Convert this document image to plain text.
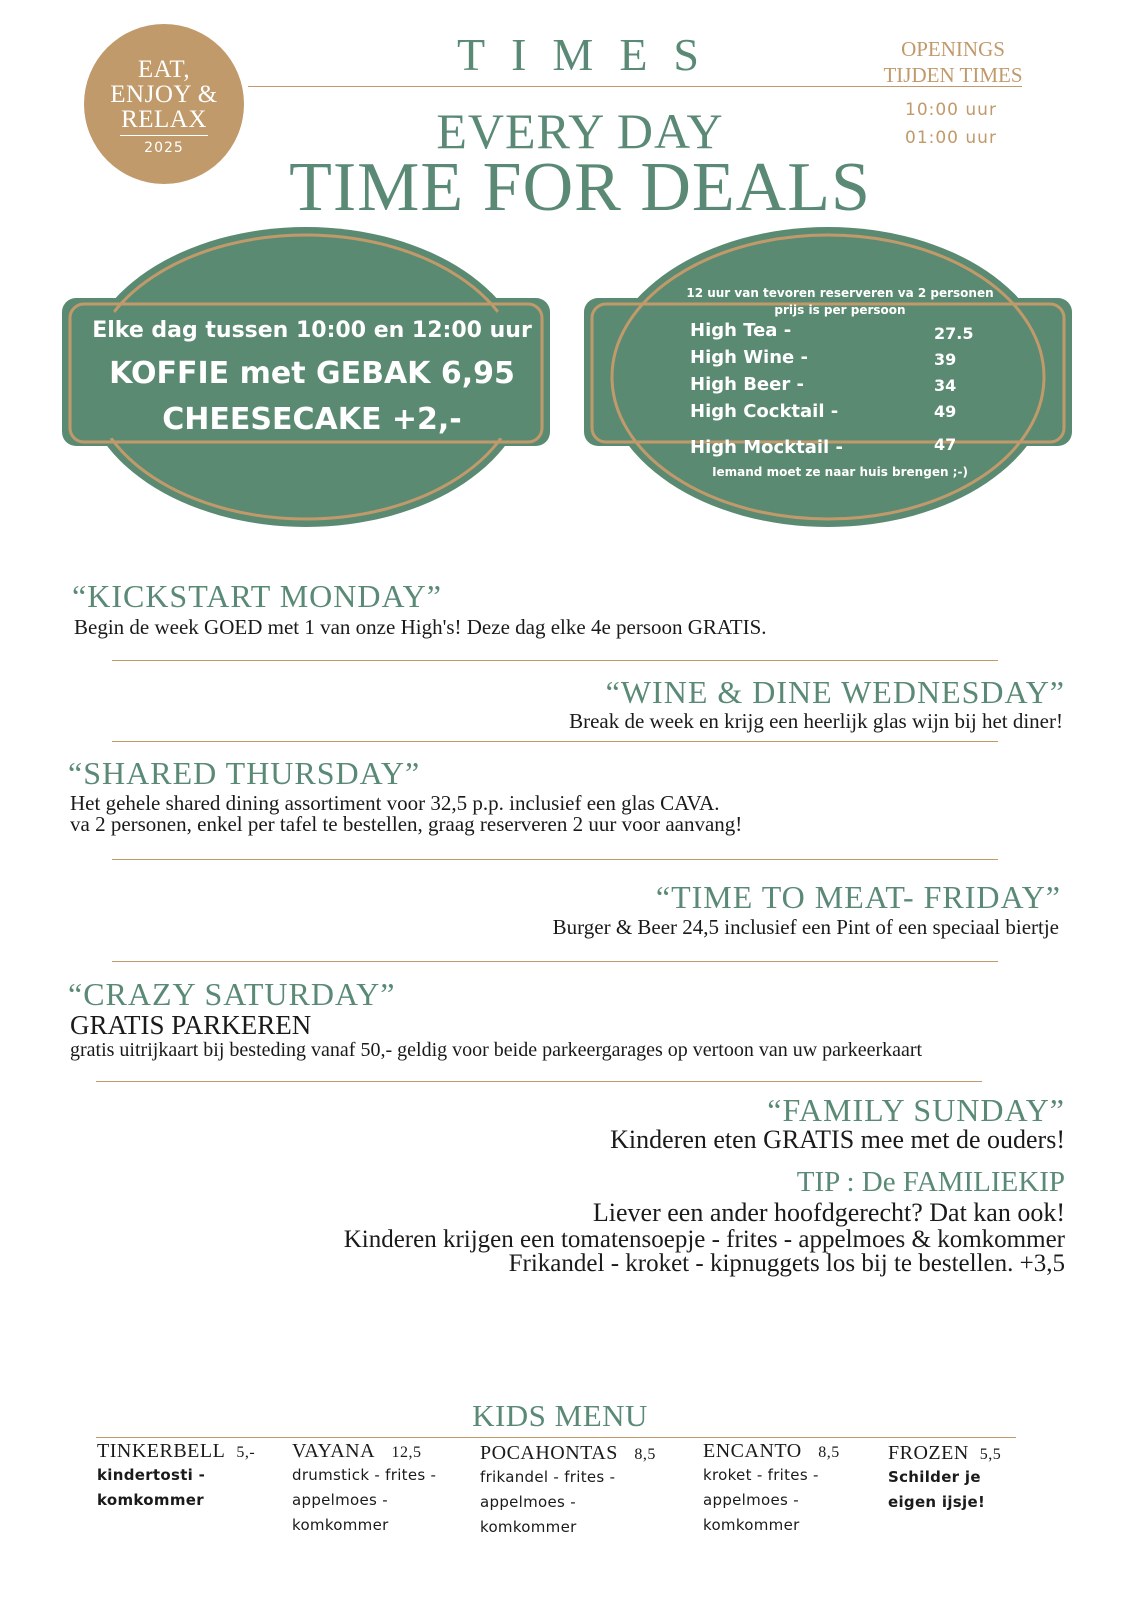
EAT,
ENJOY &
RELAX
2025
TIMES	OPENINGS
TIJDEN TIMES
10:00 uur
01:00 uur
EVERY DAY
TIME FOR DEALS
Elke dag tussen 10:00 en 12:00 uur
KOFFIE met GEBAK 6,95
CHEESECAKE +2,-
12 uur van tevoren reserveren va 2 personen
prijs is per persoon
High Tea -	27.5
High Wine -	39
High Beer -	34
High Cocktail -	49
High Mocktail -	47
Iemand moet ze naar huis brengen ;-)
“KICKSTART MONDAY”
Begin de week GOED met 1 van onze High's! Deze dag elke 4e persoon GRATIS.
“WINE & DINE WEDNESDAY”
Break de week en krijg een heerlijk glas wijn bij het diner!
“SHARED THURSDAY”
Het gehele shared dining assortiment voor 32,5 p.p. inclusief een glas CAVA.
va 2 personen, enkel per tafel te bestellen, graag reserveren 2 uur voor aanvang!
“TIME TO MEAT- FRIDAY”
Burger & Beer 24,5 inclusief een Pint of een speciaal biertje
“CRAZY SATURDAY”
GRATIS PARKEREN
gratis uitrijkaart bij besteding vanaf 50,- geldig voor beide parkeergarages op vertoon van uw parkeerkaart
“FAMILY SUNDAY”
Kinderen eten GRATIS mee met de ouders!
TIP : De FAMILIEKIP
Liever een ander hoofdgerecht? Dat kan ook!
Kinderen krijgen een tomatensoepje - frites - appelmoes & komkommer
Frikandel - kroket - kipnuggets los bij te bestellen. +3,5
KIDS MENU
TINKERBELL 5,-
kindertosti -
komkommer
VAYANA 12,5
drumstick - frites -
appelmoes -
komkommer
POCAHONTAS 8,5
frikandel - frites -
appelmoes -
komkommer
ENCANTO 8,5
kroket - frites -
appelmoes -
komkommer
FROZEN 5,5
Schilder je
eigen ijsje!
